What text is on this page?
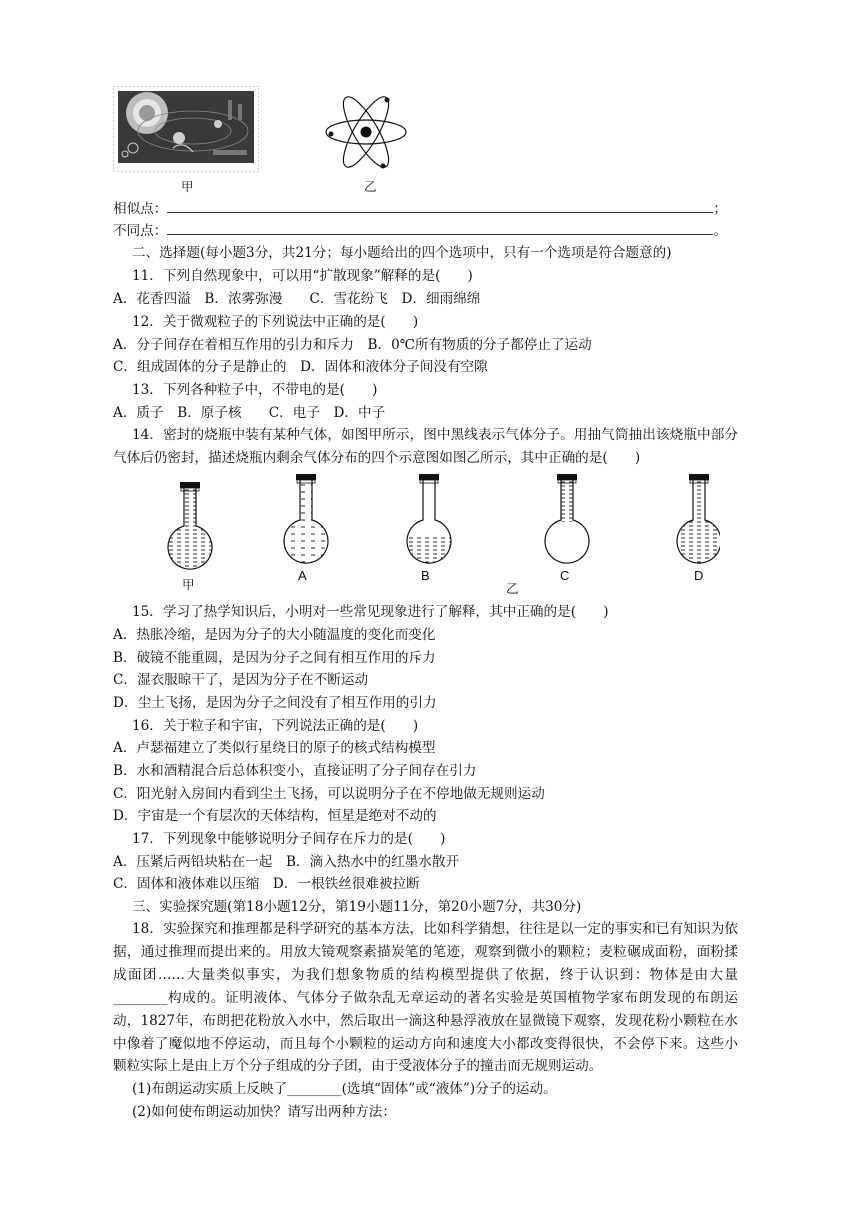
甲	乙
相似点：	；
不同点：	。
二、选择题(每小题3分，共21分；每小题给出的四个选项中，只有一个选项是符合题意的)
11．下列自然现象中，可以用“扩散现象”解释的是(　　)
A．花香四溢　B．浓雾弥漫　　C．雪花纷飞　D．细雨绵绵
12．关于微观粒子的下列说法中正确的是(　　)
A．分子间存在着相互作用的引力和斥力　B．0℃所有物质的分子都停止了运动
C．组成固体的分子是静止的　D．固体和液体分子间没有空隙
13．下列各种粒子中，不带电的是(　　)
A．质子　B．原子核　　C．电子　D．中子

14．密封的烧瓶中装有某种气体，如图甲所示，图中黑线表示气体分子。用抽气筒抽出该烧瓶中部分气体后仍密封，描述烧瓶内剩余气体分布的四个示意图如图乙所示，其中正确的是(　　)

甲
A	B
乙
C	D
15．学习了热学知识后，小明对一些常见现象进行了解释，其中正确的是(　　)
A．热胀冷缩，是因为分子的大小随温度的变化而变化
B．破镜不能重圆，是因为分子之间有相互作用的斥力
C．湿衣服晾干了，是因为分子在不断运动
D．尘土飞扬，是因为分子之间没有了相互作用的引力
16．关于粒子和宇宙，下列说法正确的是(　　)
A．卢瑟福建立了类似行星绕日的原子的核式结构模型
B．水和酒精混合后总体积变小，直接证明了分子间存在引力
C．阳光射入房间内看到尘土飞扬，可以说明分子在不停地做无规则运动
D．宇宙是一个有层次的天体结构，恒星是绝对不动的
17．下列现象中能够说明分子间存在斥力的是(　　)
A．压紧后两铅块粘在一起　B．滴入热水中的红墨水散开
C．固体和液体难以压缩　D．一根铁丝很难被拉断
三、实验探究题(第18小题12分，第19小题11分，第20小题7分，共30分)

18．实验探究和推理都是科学研究的基本方法，比如科学猜想，往往是以一定的事实和已有知识为依据，通过推理而提出来的。用放大镜观察素描炭笔的笔迹，观察到微小的颗粒；麦粒碾成面粉，面粉揉成面团……大量类似事实，为我们想象物质的结构模型提供了依据，终于认识到：物体是由大量________构成的。证明液体、气体分子做杂乱无章运动的著名实验是英国植物学家布朗发现的布朗运动，1827年，布朗把花粉放入水中，然后取出一滴这种悬浮液放在显微镜下观察，发现花粉小颗粒在水中像着了魔似地不停运动，而且每个小颗粒的运动方向和速度大小都改变得很快，不会停下来。这些小颗粒实际上是由上万个分子组成的分子团，由于受液体分子的撞击而无规则运动。

(1)布朗运动实质上反映了________(选填“固体”或“液体”)分子的运动。
(2)如何使布朗运动加快？请写出两种方法：
